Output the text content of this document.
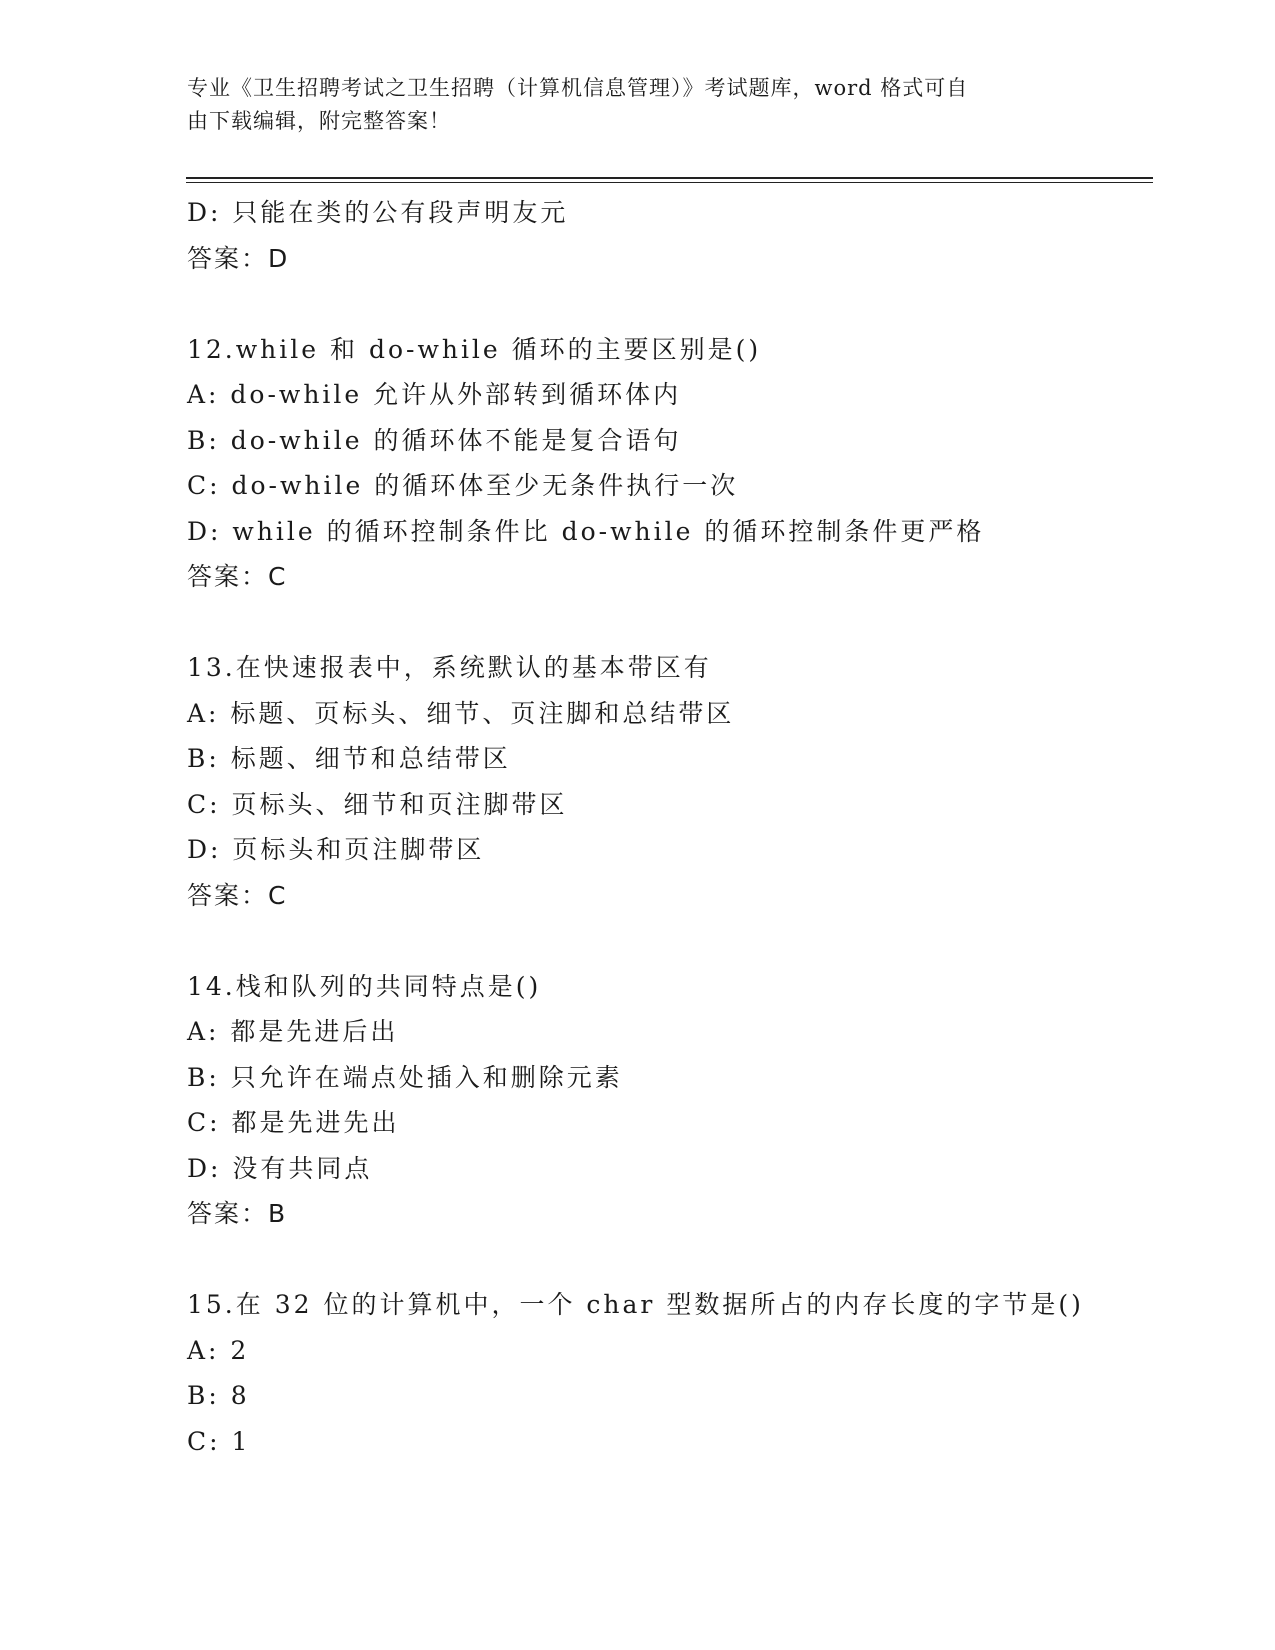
专业《卫生招聘考试之卫生招聘（计算机信息管理）》考试题库，word 格式可自
由下载编辑，附完整答案！
D: 只能在类的公有段声明友元
答案：D
12.while 和 do-while 循环的主要区别是()
A: do-while 允许从外部转到循环体内
B: do-while 的循环体不能是复合语句
C: do-while 的循环体至少无条件执行一次
D: while 的循环控制条件比 do-while 的循环控制条件更严格
答案：C
13.在快速报表中，系统默认的基本带区有
A: 标题、页标头、细节、页注脚和总结带区
B: 标题、细节和总结带区
C: 页标头、细节和页注脚带区
D: 页标头和页注脚带区
答案：C
14.栈和队列的共同特点是()
A: 都是先进后出
B: 只允许在端点处插入和删除元素
C: 都是先进先出
D: 没有共同点
答案：B
15.在 32 位的计算机中，一个 char 型数据所占的内存长度的字节是()
A: 2
B: 8
C: 1
